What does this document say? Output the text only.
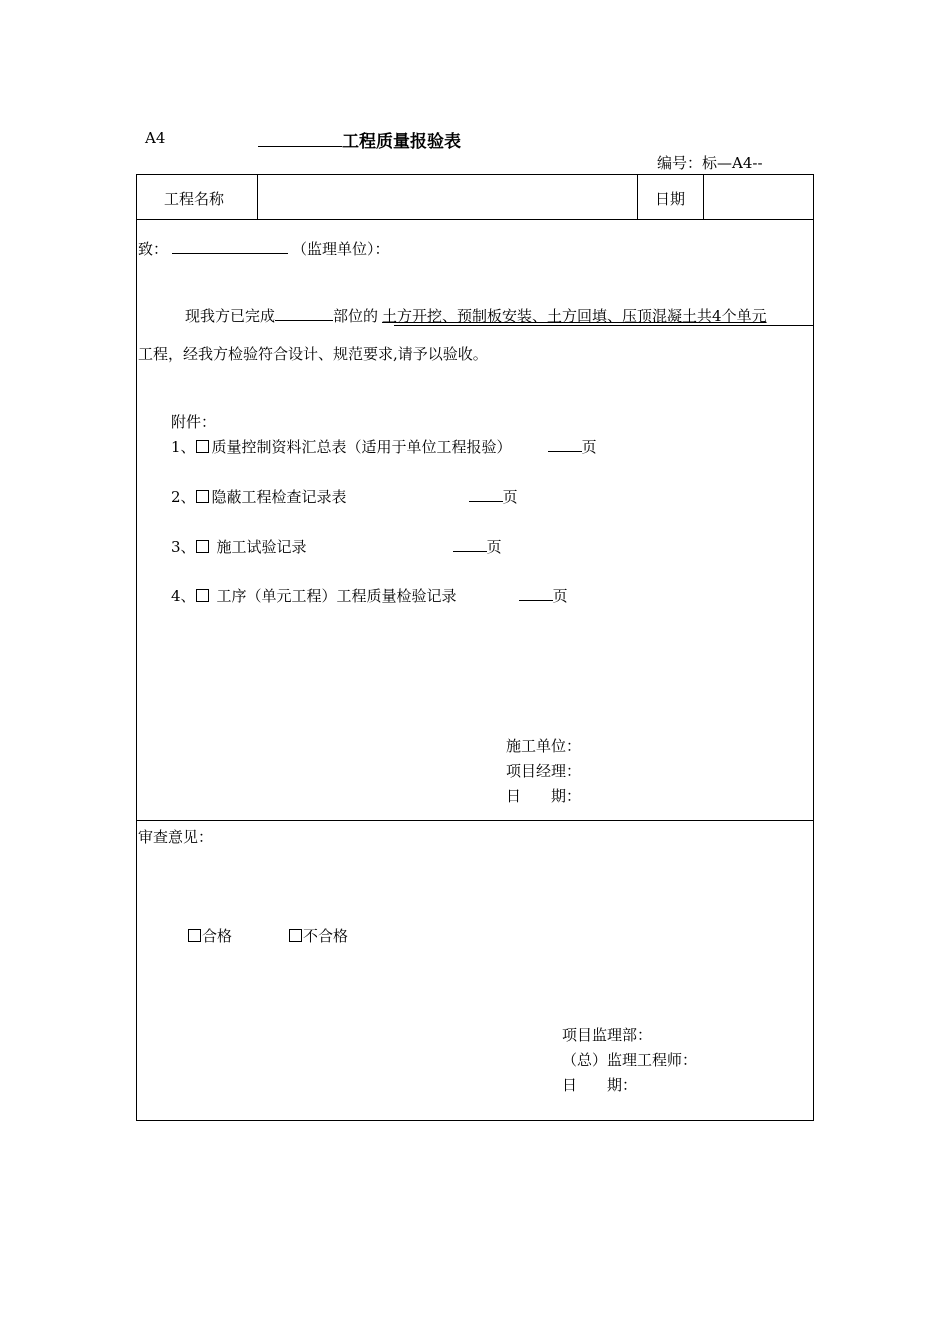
A4	工程质量报验表
编号：标—A4--
工程名称	日期
致：	（监理单位）：
现我方已完成	部位的 土方开挖、预制板安装、土方回填、压顶混凝土共4个单元
工程，经我方检验符合设计、规范要求,请予以验收。
附件：
1、 质量控制资料汇总表（适用于单位工程报验）	页
2、 隐蔽工程检查记录表	页
3、 施工试验记录	页
4、 工序（单元工程）工程质量检验记录	页
施工单位：
项目经理：
日　　期：
审查意见：
合格	不合格
项目监理部：
（总）监理工程师：
日　　期：
